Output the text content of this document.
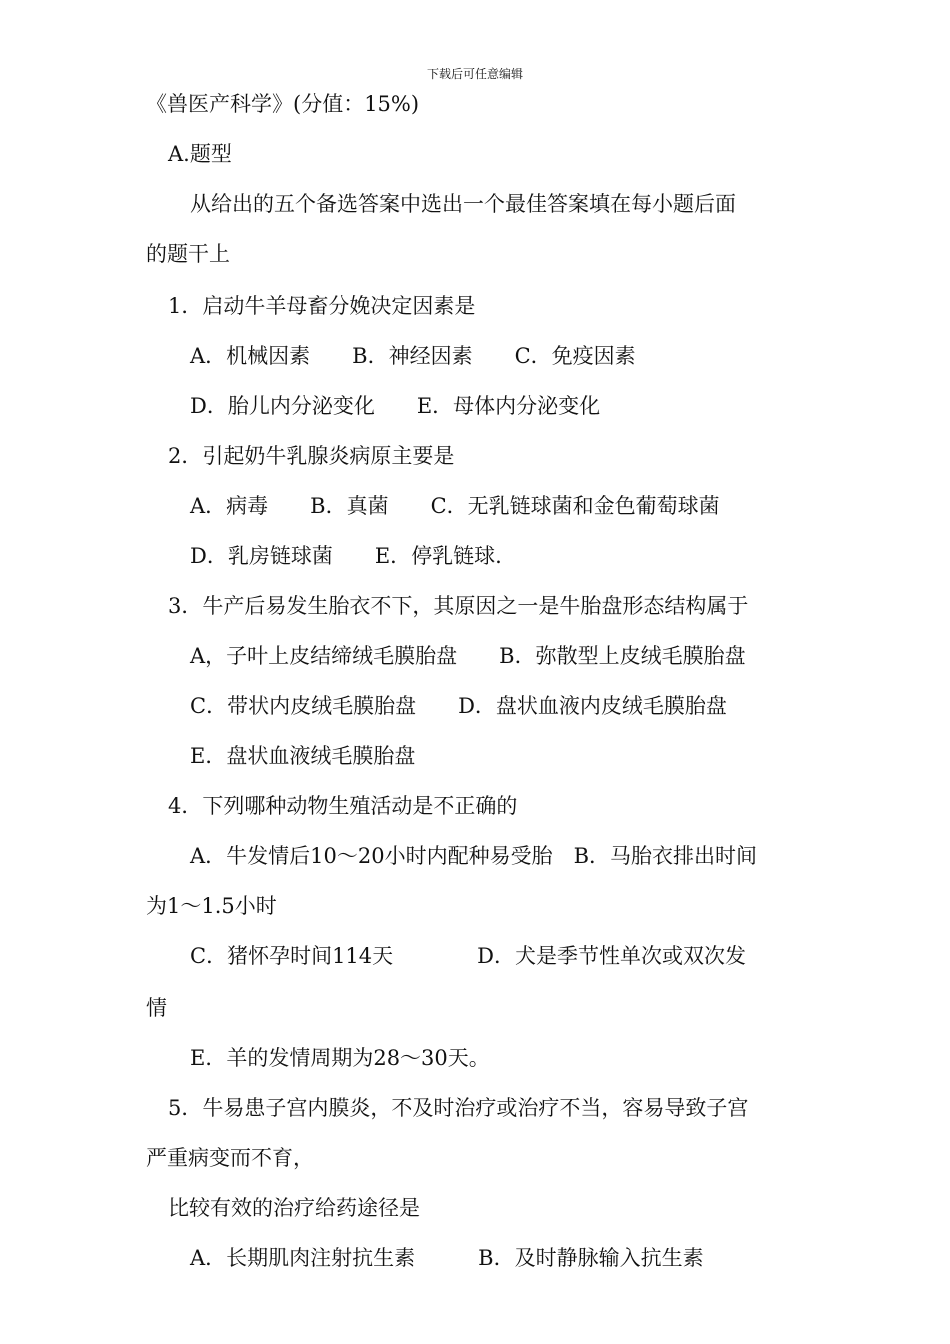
下载后可任意编辑
《兽医产科学》(分值：15%)
A.题型
从给出的五个备选答案中选出一个最佳答案填在每小题后面
的题干上
1．启动牛羊母畜分娩决定因素是
A．机械因素　　B．神经因素　　C．免疫因素
D．胎儿内分泌变化　　E．母体内分泌变化
2．引起奶牛乳腺炎病原主要是
A．病毒　　B．真菌　　C．无乳链球菌和金色葡萄球菌
D．乳房链球菌　　E．停乳链球.
3．牛产后易发生胎衣不下，其原因之一是牛胎盘形态结构属于
A，子叶上皮结缔绒毛膜胎盘　　B．弥散型上皮绒毛膜胎盘
C．带状内皮绒毛膜胎盘　　D．盘状血液内皮绒毛膜胎盘
E．盘状血液绒毛膜胎盘
4．下列哪种动物生殖活动是不正确的
A．牛发情后10～20小时内配种易受胎　B．马胎衣排出时间
为1～1.5小时
C．猪怀孕时间114天　　　　D．犬是季节性单次或双次发
情
E．羊的发情周期为28～30天。
5．牛易患子宫内膜炎，不及时治疗或治疗不当，容易导致子宫
严重病变而不育，
比较有效的治疗给药途径是
A．长期肌肉注射抗生素　　　B．及时静脉输入抗生素
